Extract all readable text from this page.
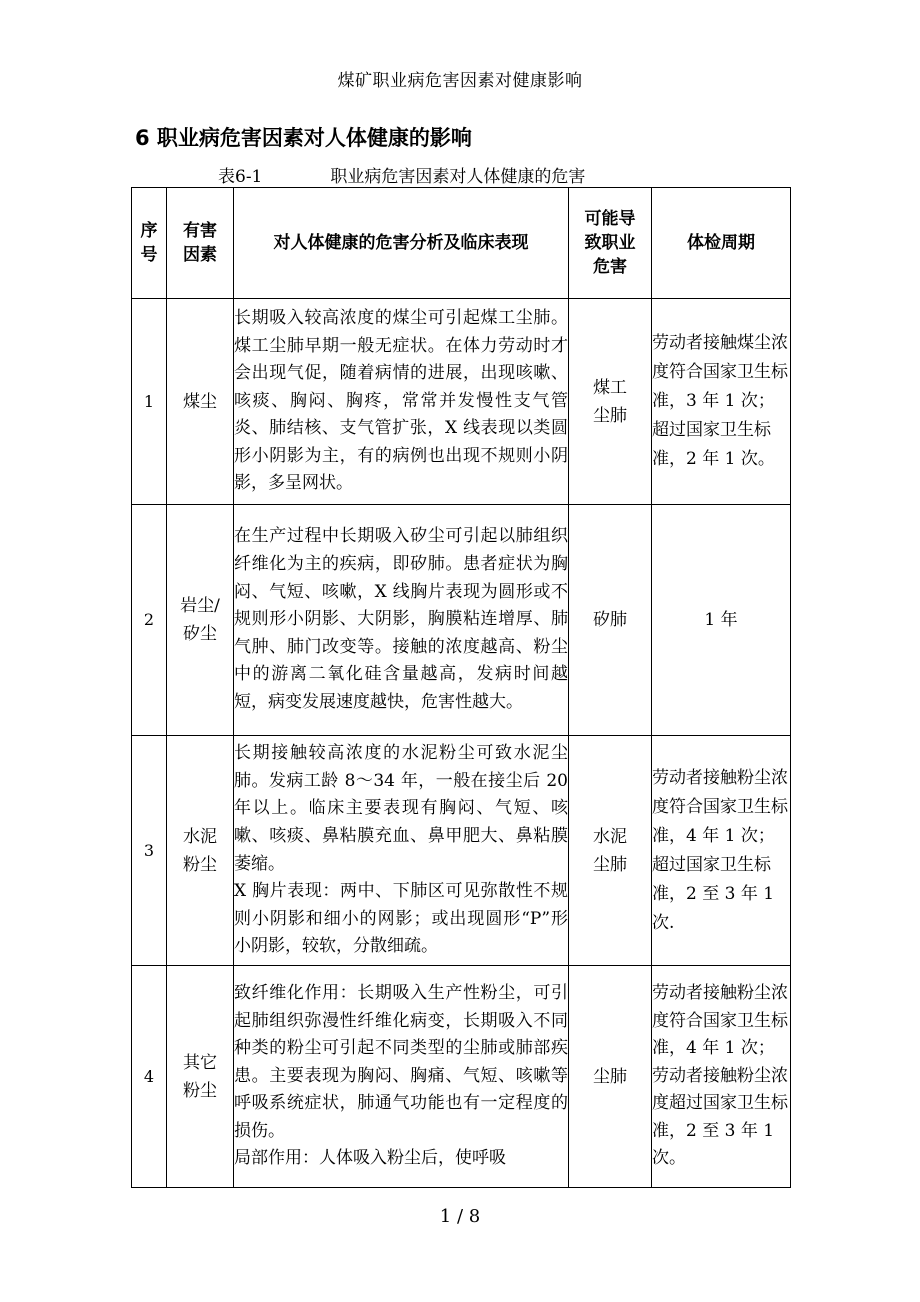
煤矿职业病危害因素对健康影响
6 职业病危害因素对人体健康的影响
表6-1	职业病危害因素对人体健康的危害
序号	有害因素	对人体健康的危害分析及临床表现	可能导致职业危害	体检周期
1	煤尘	长期吸入较高浓度的煤尘可引起煤工尘肺。煤工尘肺早期一般无症状。在体力劳动时才会出现气促，随着病情的进展，出现咳嗽、咳痰、胸闷、胸疼，常常并发慢性支气管炎、肺结核、支气管扩张，X 线表现以类圆形小阴影为主，有的病例也出现不规则小阴影，多呈网状。	煤工尘肺	劳动者接触煤尘浓度符合国家卫生标准，3 年 1 次；超过国家卫生标准，2 年 1 次。
2	岩尘/矽尘	在生产过程中长期吸入矽尘可引起以肺组织纤维化为主的疾病，即矽肺。患者症状为胸闷、气短、咳嗽，X 线胸片表现为圆形或不规则形小阴影、大阴影，胸膜粘连增厚、肺气肿、肺门改变等。接触的浓度越高、粉尘中的游离二氧化硅含量越高，发病时间越短，病变发展速度越快，危害性越大。	矽肺	1 年
3	水泥粉尘	长期接触较高浓度的水泥粉尘可致水泥尘肺。发病工龄 8～34 年，一般在接尘后 20 年以上。临床主要表现有胸闷、气短、咳嗽、咳痰、鼻粘膜充血、鼻甲肥大、鼻粘膜萎缩。
X 胸片表现：两中、下肺区可见弥散性不规则小阴影和细小的网影；或出现圆形“P”形小阴影，较软，分散细疏。	水泥尘肺	劳动者接触粉尘浓度符合国家卫生标准，4 年 1 次；超过国家卫生标准，2 至 3 年 1 次.
4	其它粉尘	致纤维化作用：长期吸入生产性粉尘，可引起肺组织弥漫性纤维化病变，长期吸入不同种类的粉尘可引起不同类型的尘肺或肺部疾患。主要表现为胸闷、胸痛、气短、咳嗽等呼吸系统症状，肺通气功能也有一定程度的损伤。
局部作用：人体吸入粉尘后，使呼吸	尘肺	劳动者接触粉尘浓度符合国家卫生标准，4 年 1 次；劳动者接触粉尘浓度超过国家卫生标准，2 至 3 年 1 次。
1 / 8
